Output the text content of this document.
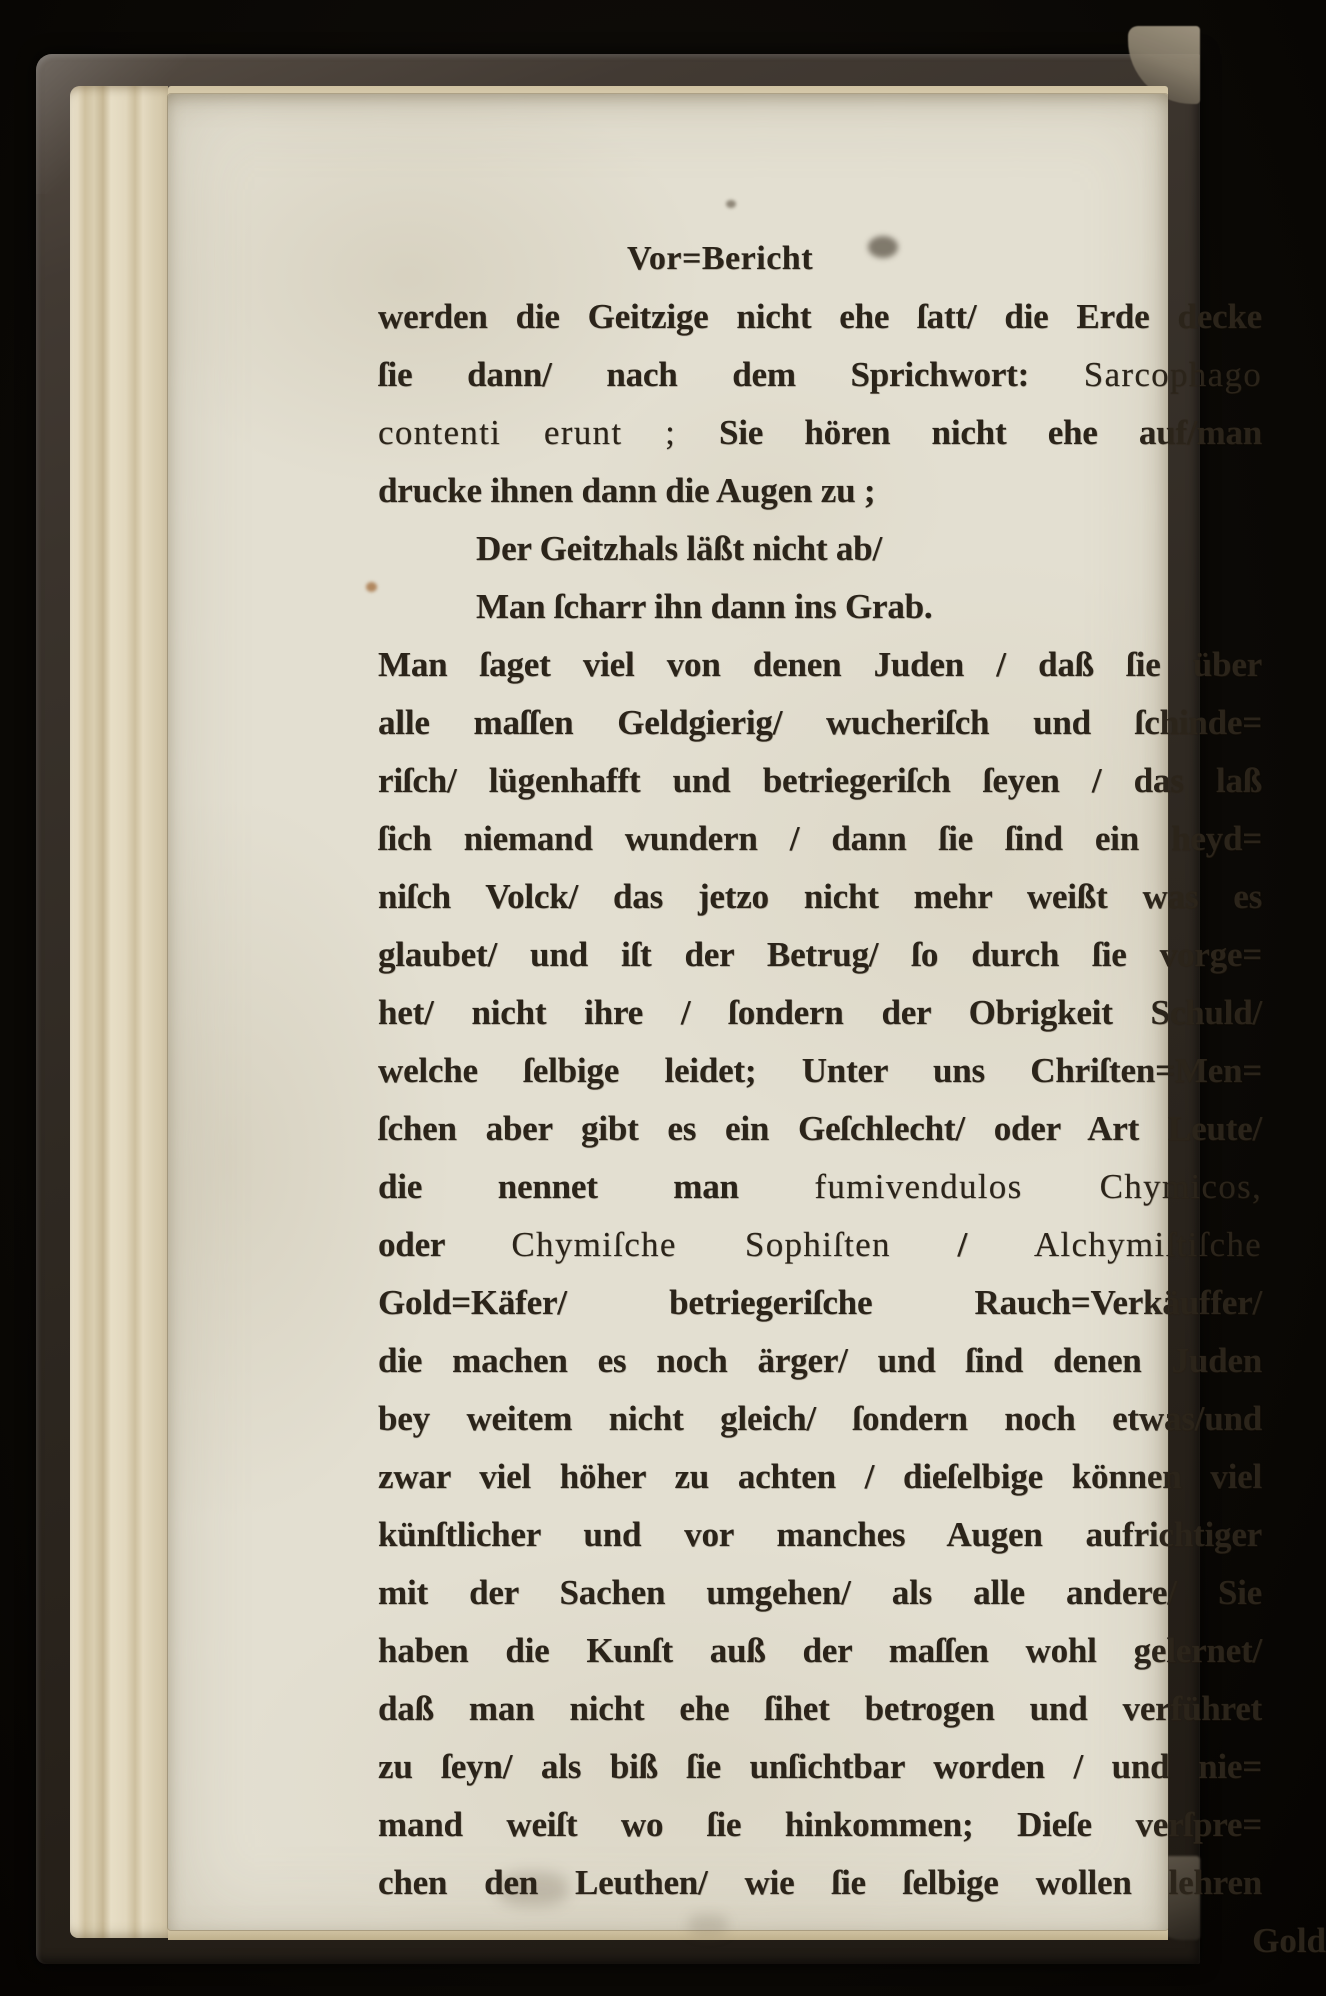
Vor=Bericht
werden die Geitzige nicht ehe ſatt/ die Erde decke
ſie dann/ nach dem Sprichwort: Sarcophago
contenti erunt ; Sie hören nicht ehe auf/man
drucke ihnen dann die Augen zu ;
Der Geitzhals läßt nicht ab/
Man ſcharr ihn dann ins Grab.
Man ſaget viel von denen Juden / daß ſie über
alle maſſen Geldgierig/ wucheriſch und ſchinde=
riſch/ lügenhafft und betriegeriſch ſeyen / das laß
ſich niemand wundern / dann ſie ſind ein heyd=
niſch Volck/ das jetzo nicht mehr weißt was es
glaubet/ und iſt der Betrug/ ſo durch ſie vorge=
het/ nicht ihre / ſondern der Obrigkeit Schuld/
welche ſelbige leidet; Unter uns Chriſten=Men=
ſchen aber gibt es ein Geſchlecht/ oder Art Leute/
die nennet man fumivendulos Chymicos,
oder Chymiſche Sophiſten / Alchymiſtiſche
Gold=Käfer/ betriegeriſche Rauch=Verkäuffer/
die machen es noch ärger/ und ſind denen Juden
bey weitem nicht gleich/ ſondern noch etwas/und
zwar viel höher zu achten / dieſelbige können viel
künſtlicher und vor manches Augen aufrichtiger
mit der Sachen umgehen/ als alle andere/ Sie
haben die Kunſt auß der maſſen wohl gelernet/
daß man nicht ehe ſihet betrogen und verführet
zu ſeyn/ als biß ſie unſichtbar worden / und nie=
mand weiſt wo ſie hinkommen; Dieſe verſpre=
chen den Leuthen/ wie ſie ſelbige wollen lehren
Gold
